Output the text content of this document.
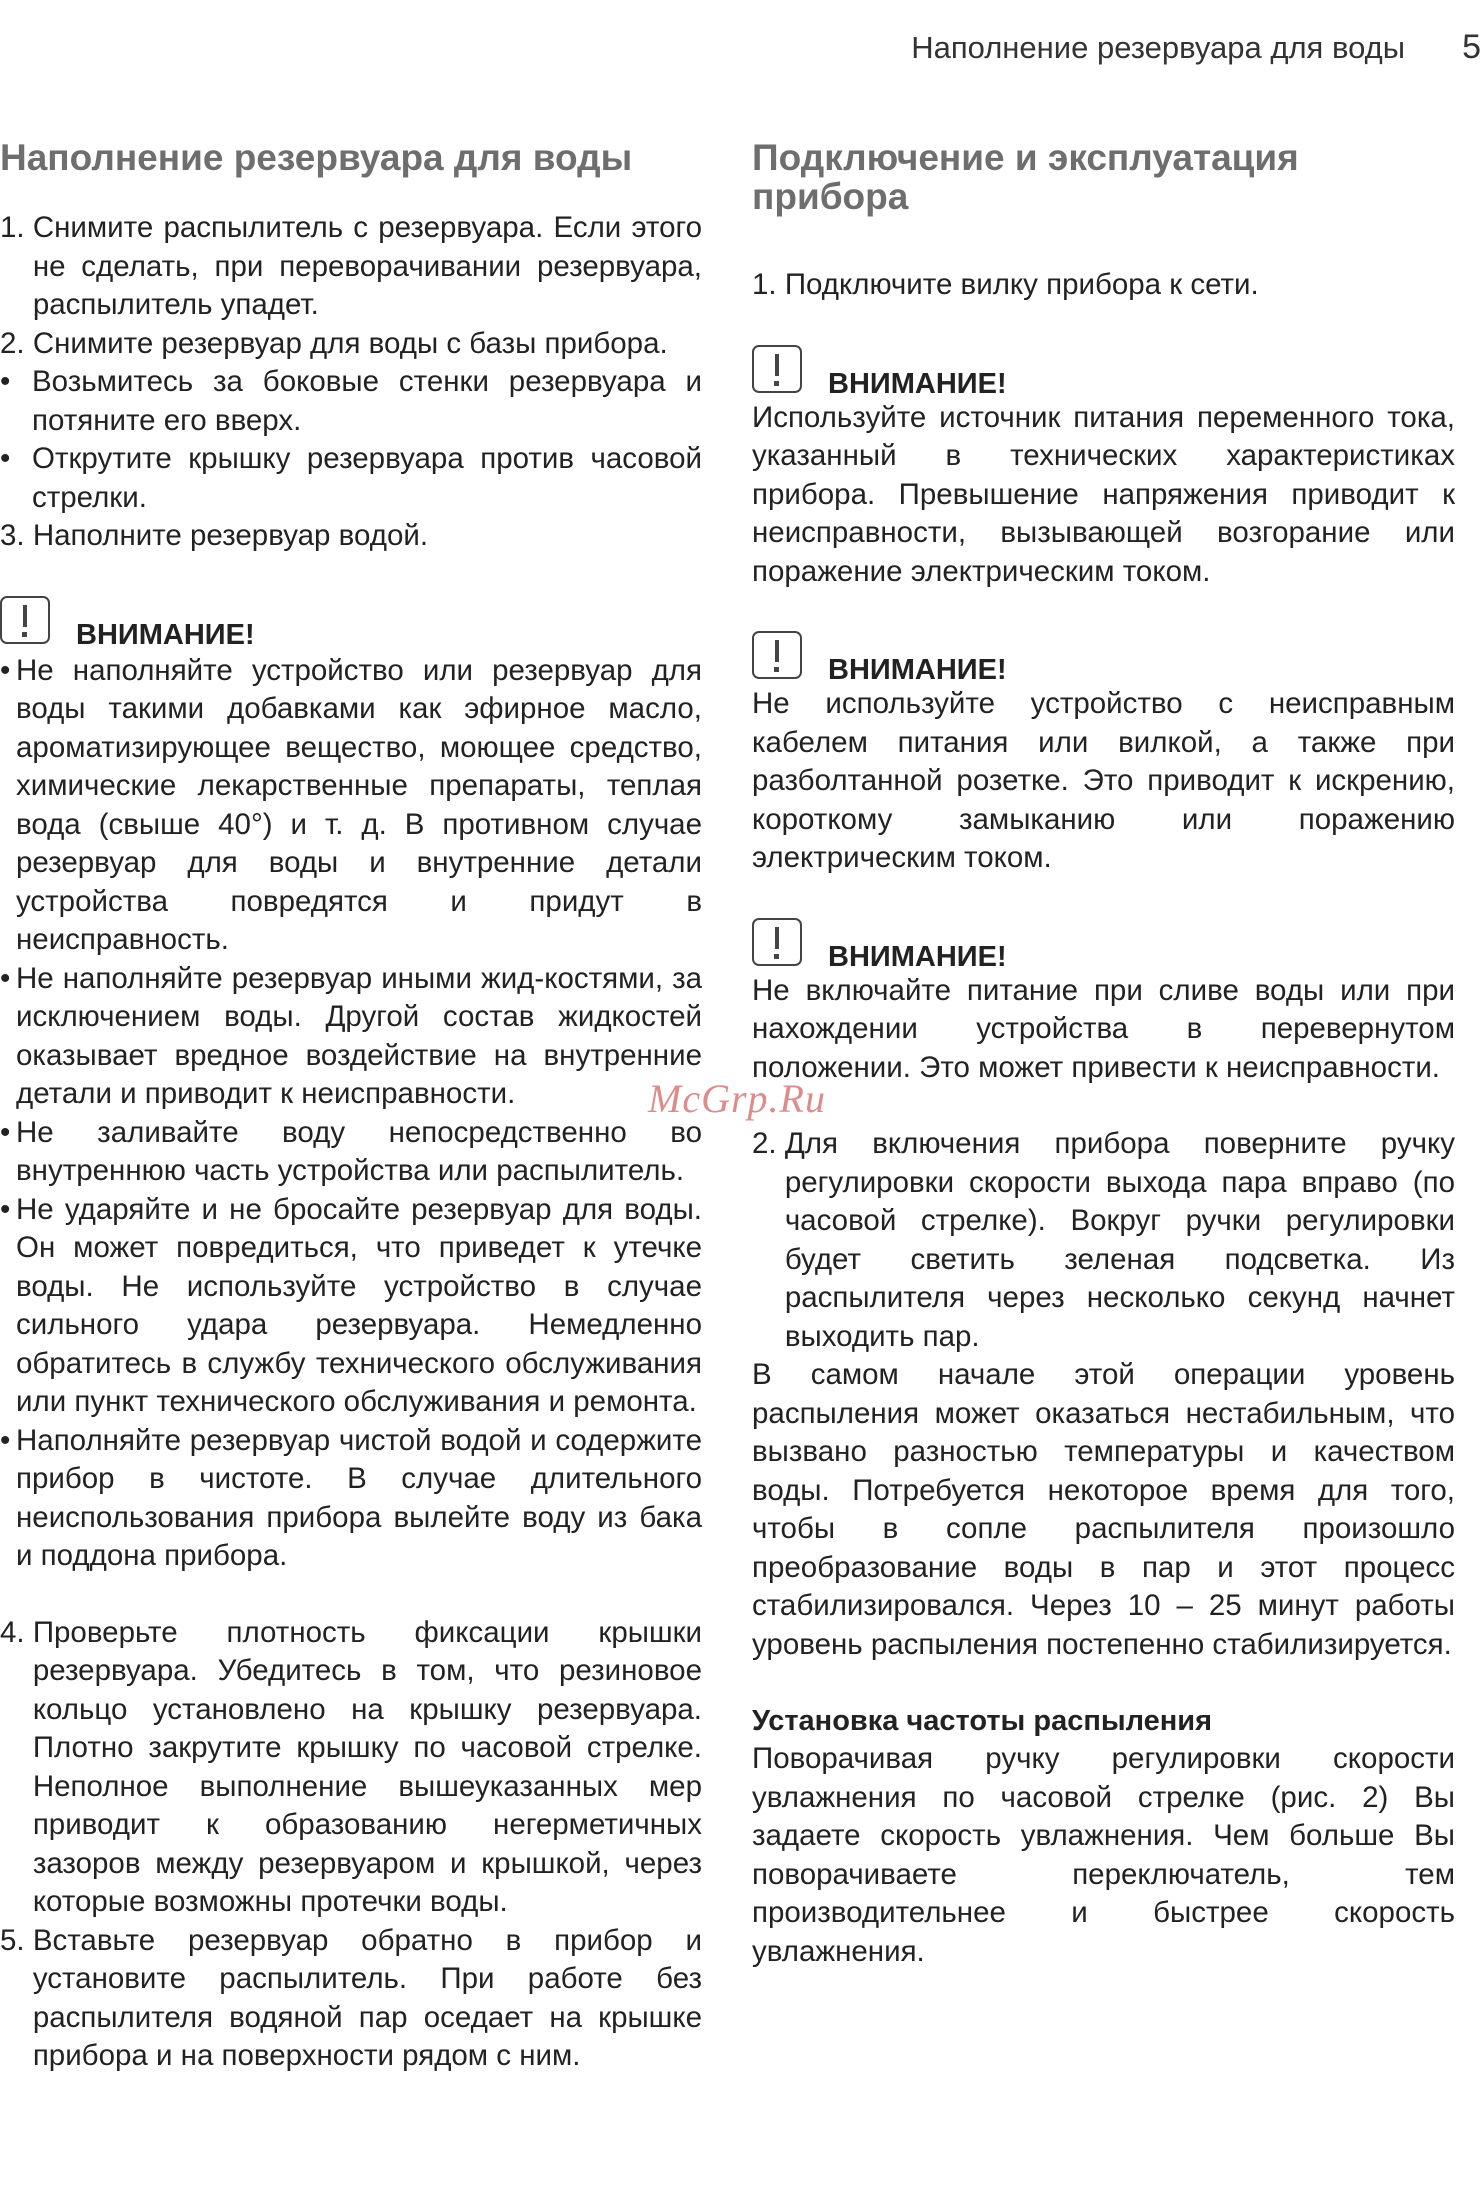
Наполнение резервуара для воды 5
Наполнение резервуара для воды
1. Снимите распылитель с резервуара. Если этого не сделать, при переворачивании резервуара, распылитель упадет.
2. Снимите резервуар для воды с базы прибора.
• Возьмитесь за боковые стенки резервуара и потяните его вверх.
• Открутите крышку резервуара против часовой стрелки.
3. Наполните резервуар водой.
ВНИМАНИЕ!
• Не наполняйте устройство или резервуар для воды такими добавками как эфирное масло, ароматизирующее вещество, моющее средство, химические лекарственные препараты, теплая вода (свыше 40°) и т. д. В противном случае резервуар для воды и внутренние детали устройства повредятся и придут в неисправность.
• Не наполняйте резервуар иными жид-костями, за исключением воды. Другой состав жидкостей оказывает вредное воздействие на внутренние детали и приводит к неисправности.
• Не заливайте воду непосредственно во внутреннюю часть устройства или распылитель.
• Не ударяйте и не бросайте резервуар для воды. Он может повредиться, что приведет к утечке воды. Не используйте устройство в случае сильного удара резервуара. Немедленно обратитесь в службу технического обслуживания или пункт технического обслуживания и ремонта.
• Наполняйте резервуар чистой водой и содержите прибор в чистоте. В случае длительного неиспользования прибора вылейте воду из бака и поддона прибора.
4. Проверьте плотность фиксации крышки резервуара. Убедитесь в том, что резиновое кольцо установлено на крышку резервуара. Плотно закрутите крышку по часовой стрелке. Неполное выполнение вышеуказанных мер приводит к образованию негерметичных зазоров между резервуаром и крышкой, через которые возможны протечки воды.
5. Вставьте резервуар обратно в прибор и установите распылитель. При работе без распылителя водяной пар оседает на крышке прибора и на поверхности рядом с ним.
Подключение и эксплуатация прибора
1. Подключите вилку прибора к сети.
ВНИМАНИЕ!

Используйте источник питания переменного тока, указанный в технических характеристиках прибора. Превышение напряжения приводит к неисправности, вызывающей возгорание или поражение электрическим током.

ВНИМАНИЕ!

Не используйте устройство с неисправным кабелем питания или вилкой, а также при разболтанной розетке. Это приводит к искрению, короткому замыканию или поражению электрическим током.

ВНИМАНИЕ!

Не включайте питание при сливе воды или при нахождении устройства в перевернутом положении. Это может привести к неисправности.

2. Для включения прибора поверните ручку регулировки скорости выхода пара вправо (по часовой стрелке). Вокруг ручки регулировки будет светить зеленая подсветка. Из распылителя через несколько секунд начнет выходить пар.

В самом начале этой операции уровень распыления может оказаться нестабильным, что вызвано разностью температуры и качеством воды. Потребуется некоторое время для того, чтобы в сопле распылителя произошло преобразование воды в пар и этот процесс стабилизировался. Через 10 – 25 минут работы уровень распыления постепенно стабилизируется.

Установка частоты распыления

Поворачивая ручку регулировки скорости увлажнения по часовой стрелке (рис. 2) Вы задаете скорость увлажнения. Чем больше Вы поворачиваете переключатель, тем производительнее и быстрее скорость увлажнения.

McGrp.Ru
